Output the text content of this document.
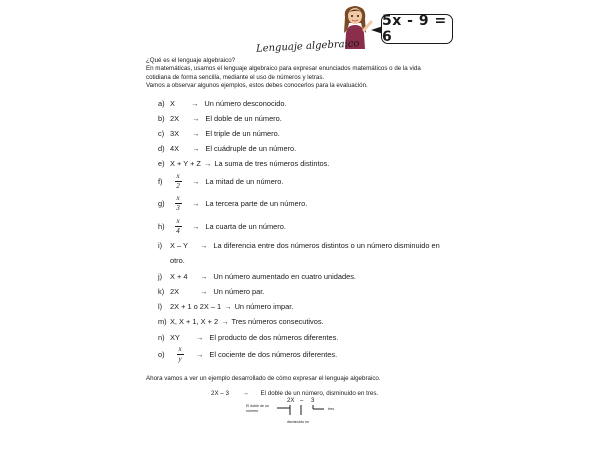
5x - 9 = 6
Lenguaje algebraico
¿Qué es el lenguaje algebraico?
En matemáticas, usamos el lenguaje algebraico para expresar enunciados matemáticos o de la vida
cotidiana de forma sencilla, mediante el uso de números y letras.
Vamos a observar algunos ejemplos, estos debes conocerlos para la evaluación.
a) X	→ Un número desconocido.
b) 2X	→ El doble de un número.
c) 3X	→ El triple de un número.
d) 4X	→ El cuádruple de un número.
e) X + Y + Z → La suma de tres números distintos.
f)	$\frac{x}{2} \to La$ mitad de un número.
$g) \frac{x}{3} \to La$ tercera parte de un número.
$h) \frac{x}{4} \to La$ cuarta de un número.
i)	X – Y	→ La diferencia entre dos números distintos o un número disminuido en
otro.
j)	X + 4	→ Un número aumentado en cuatro unidades.
k) 2X	→ Un número par.
l)	2X + 1 o 2X – 1 → Un número impar.
m) X, X + 1, X + 2 → Tres números consecutivos.
n) XY	→ El producto de dos números diferentes.
$o) \frac{x}{y} \to El$ cociente de dos números diferentes.
Ahora vamos a ver un ejemplo desarrollado de cómo expresar el lenguaje algebraico.
2X – 3 → El doble de un número, disminuido en tres.
2X – 3
El doble de un número	tres
disminuido en
